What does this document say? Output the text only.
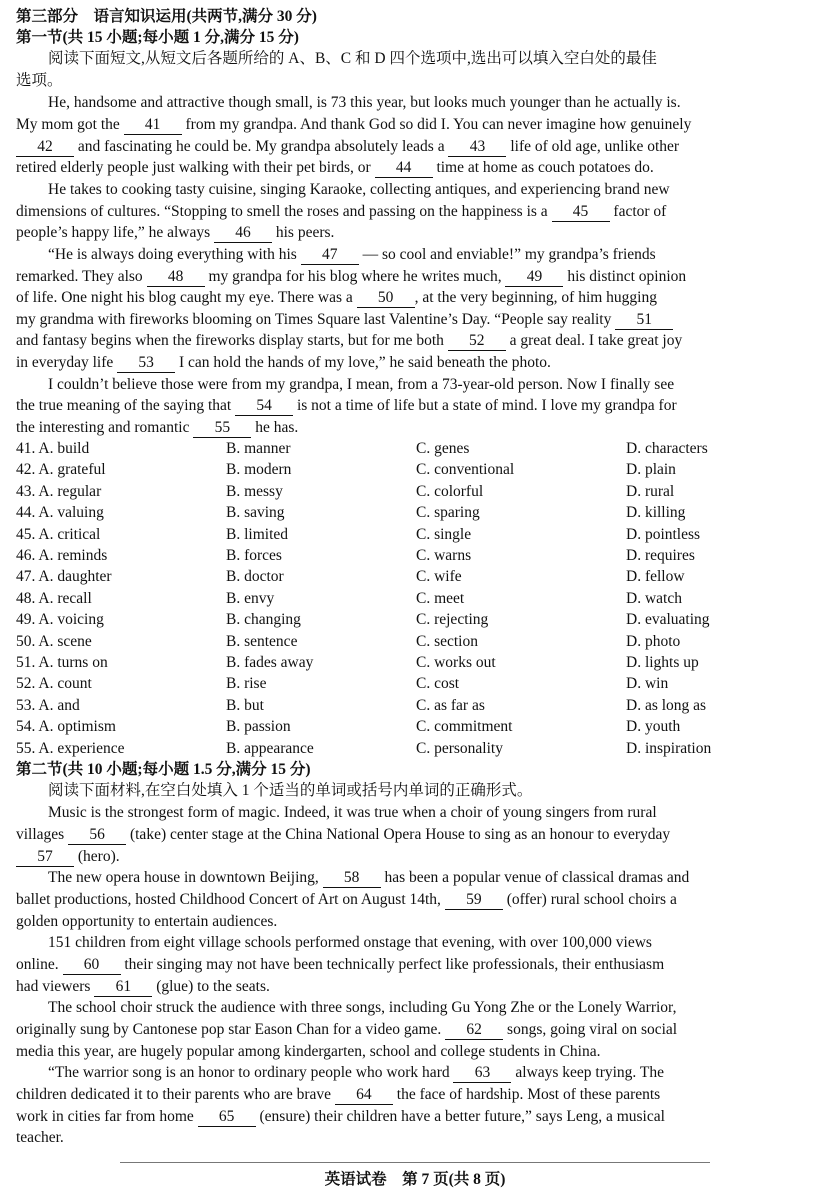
第三部分　语言知识运用(共两节,满分 30 分)
第一节(共 15 小题;每小题 1 分,满分 15 分)
阅读下面短文,从短文后各题所给的 A、B、C 和 D 四个选项中,选出可以填入空白处的最佳
选项。
He, handsome and attractive though small, is 73 this year, but looks much younger than he actually is.
My mom got the 41 from my grandpa. And thank God so did I. You can never imagine how genuinely
42 and fascinating he could be. My grandpa absolutely leads a 43 life of old age, unlike other
retired elderly people just walking with their pet birds, or 44 time at home as couch potatoes do.
He takes to cooking tasty cuisine, singing Karaoke, collecting antiques, and experiencing brand new
dimensions of cultures. “Stopping to smell the roses and passing on the happiness is a 45 factor of
people’s happy life,” he always 46 his peers.
“He is always doing everything with his 47 — so cool and enviable!” my grandpa’s friends
remarked. They also 48 my grandpa for his blog where he writes much, 49 his distinct opinion
of life. One night his blog caught my eye. There was a 50 , at the very beginning, of him hugging
my grandma with fireworks blooming on Times Square last Valentine’s Day. “People say reality 51
and fantasy begins when the fireworks display starts, but for me both 52 a great deal. I take great joy
in everyday life 53 I can hold the hands of my love,” he said beneath the photo.
I couldn’t believe those were from my grandpa, I mean, from a 73-year-old person. Now I finally see
the true meaning of the saying that 54 is not a time of life but a state of mind. I love my grandpa for
the interesting and romantic 55 he has.
41. A. build	B. manner	C. genes	D. characters
42. A. grateful	B. modern	C. conventional	D. plain
43. A. regular	B. messy	C. colorful	D. rural
44. A. valuing	B. saving	C. sparing	D. killing
45. A. critical	B. limited	C. single	D. pointless
46. A. reminds	B. forces	C. warns	D. requires
47. A. daughter	B. doctor	C. wife	D. fellow
48. A. recall	B. envy	C. meet	D. watch
49. A. voicing	B. changing	C. rejecting	D. evaluating
50. A. scene	B. sentence	C. section	D. photo
51. A. turns on	B. fades away	C. works out	D. lights up
52. A. count	B. rise	C. cost	D. win
53. A. and	B. but	C. as far as	D. as long as
54. A. optimism	B. passion	C. commitment	D. youth
55. A. experience	B. appearance	C. personality	D. inspiration
第二节(共 10 小题;每小题 1.5 分,满分 15 分)
阅读下面材料,在空白处填入 1 个适当的单词或括号内单词的正确形式。
Music is the strongest form of magic. Indeed, it was true when a choir of young singers from rural
villages 56 (take) center stage at the China National Opera House to sing as an honour to everyday
57 (hero).
The new opera house in downtown Beijing, 58 has been a popular venue of classical dramas and
ballet productions, hosted Childhood Concert of Art on August 14th, 59 (offer) rural school choirs a
golden opportunity to entertain audiences.
151 children from eight village schools performed onstage that evening, with over 100,000 views
online. 60 their singing may not have been technically perfect like professionals, their enthusiasm
had viewers 61 (glue) to the seats.
The school choir struck the audience with three songs, including Gu Yong Zhe or the Lonely Warrior,
originally sung by Cantonese pop star Eason Chan for a video game. 62 songs, going viral on social
media this year, are hugely popular among kindergarten, school and college students in China.
“The warrior song is an honor to ordinary people who work hard 63 always keep trying. The
children dedicated it to their parents who are brave 64 the face of hardship. Most of these parents
work in cities far from home 65 (ensure) their children have a better future,” says Leng, a musical
teacher.
英语试卷　第 7 页(共 8 页)
